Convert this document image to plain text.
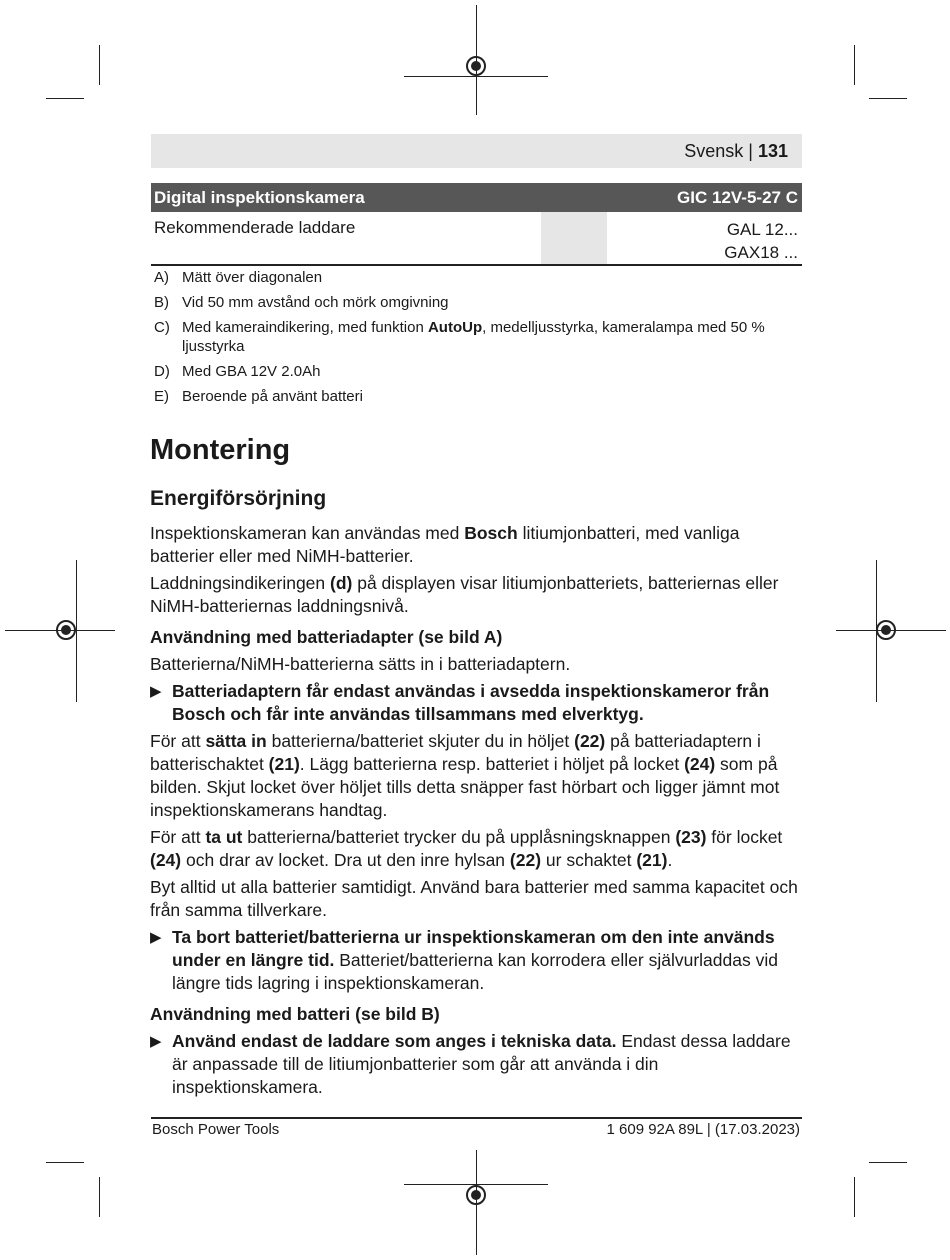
Svensk | 131
Digital inspektionskamera	GIC 12V-5-27 C
Rekommenderade laddare	GAL 12...
GAX18 ...
A) Mätt över diagonalen
B) Vid 50 mm avstånd och mörk omgivning
C) Med kameraindikering, med funktion AutoUp, medelljusstyrka, kameralampa med 50 % ljusstyrka
D) Med GBA 12V 2.0Ah
E) Beroende på använt batteri
Montering
Energiförsörjning

Inspektionskameran kan användas med Bosch litiumjonbatteri, med vanliga batterier eller med NiMH-batterier.

Laddningsindikeringen (d) på displayen visar litiumjonbatteriets, batteriernas eller NiMH-batteriernas laddningsnivå.

Användning med batteriadapter (se bild A)

Batterierna/NiMH-batterierna sätts in i batteriadaptern.

▶ Batteriadaptern får endast användas i avsedda inspektionskameror från Bosch och får inte användas tillsammans med elverktyg.

För att sätta in batterierna/batteriet skjuter du in höljet (22) på batteriadaptern i batterischaktet (21). Lägg batterierna resp. batteriet i höljet på locket (24) som på bilden. Skjut locket över höljet tills detta snäpper fast hörbart och ligger jämnt mot inspektionskamerans handtag.

För att ta ut batterierna/batteriet trycker du på upplåsningsknappen (23) för locket (24) och drar av locket. Dra ut den inre hylsan (22) ur schaktet (21).

Byt alltid ut alla batterier samtidigt. Använd bara batterier med samma kapacitet och från samma tillverkare.

▶ Ta bort batteriet/batterierna ur inspektionskameran om den inte används under en längre tid. Batteriet/batterierna kan korrodera eller självurladdas vid längre tids lagring i inspektionskameran.
Användning med batteri (se bild B)
▶ Använd endast de laddare som anges i tekniska data. Endast dessa laddare är anpassade till de litiumjonbatterier som går att använda i din inspektionskamera.
Bosch Power Tools	1 609 92A 89L | (17.03.2023)
